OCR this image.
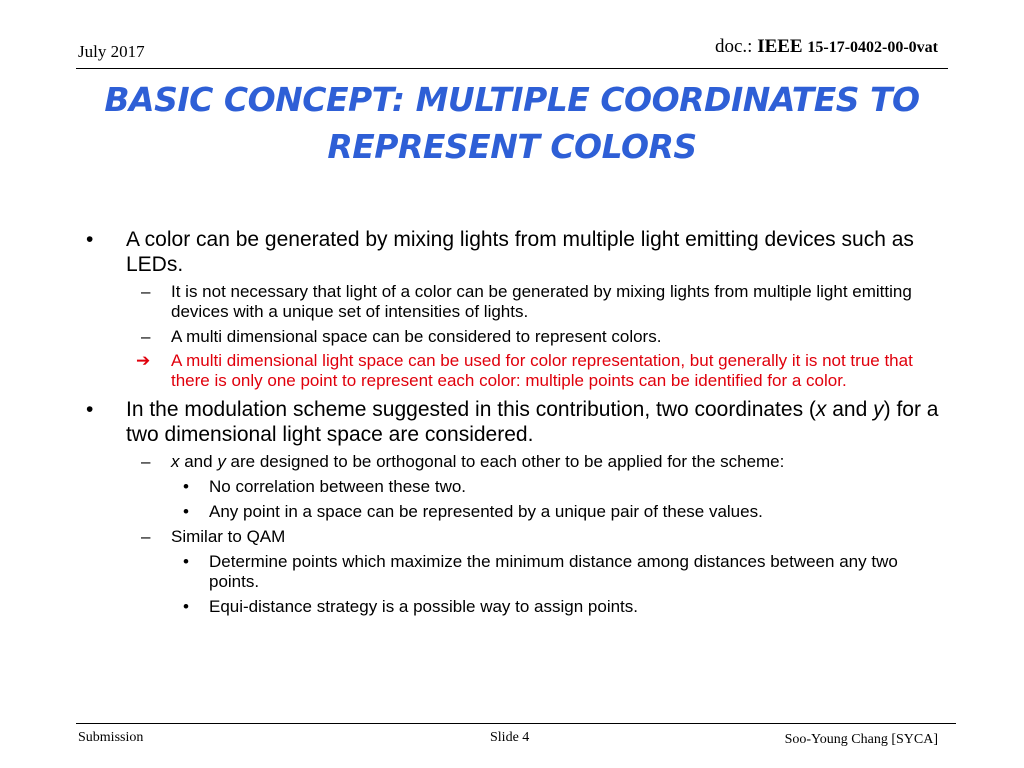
July 2017	doc.: IEEE 15-17-0402-00-0vat
BASIC CONCEPT: MULTIPLE COORDINATES TO
REPRESENT COLORS
• A color can be generated by mixing lights from multiple light emitting devices such as LEDs.
– It is not necessary that light of a color can be generated by mixing lights from multiple light emitting devices with a unique set of intensities of lights.
– A multi dimensional space can be considered to represent colors.
➔ A multi dimensional light space can be used for color representation, but generally it is not true that there is only one point to represent each color: multiple points can be identified for a color.
• In the modulation scheme suggested in this contribution, two coordinates (x and y) for a two dimensional light space are considered.
– x and y are designed to be orthogonal to each other to be applied for the scheme:
• No correlation between these two.
• Any point in a space can be represented by a unique pair of these values.
– Similar to QAM
• Determine points which maximize the minimum distance among distances between any two points.
• Equi-distance strategy is a possible way to assign points.
Submission	Slide 4	Soo-Young Chang [SYCA]
